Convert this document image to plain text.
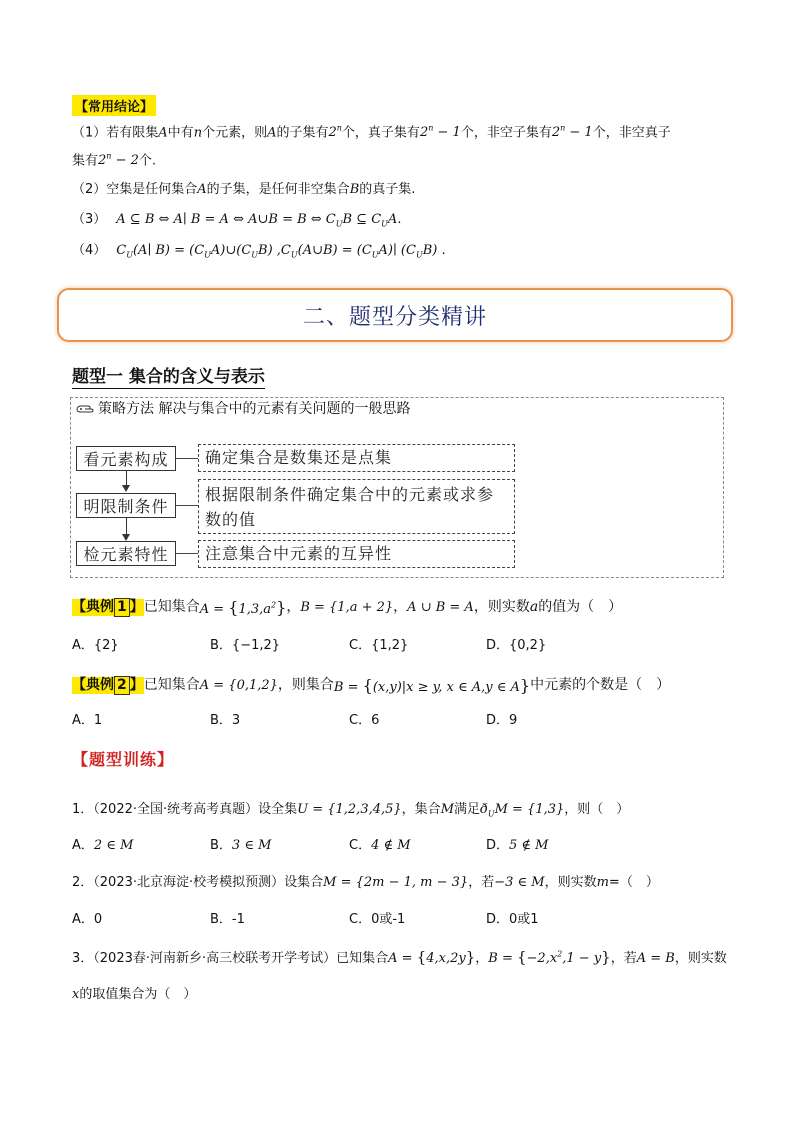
【常用结论】
（1）若有限集A中有n个元素，则A的子集有2$^n$个，真子集有$2^n - 1$个，非空子集有$2^n - 1$个，非空真子
集有$2^n - 2$个.
（2）空集是任何集合A的子集，是任何非空集合B的真子集.
（3） A ⊆ B ⇔ A∣ B = A ⇔ A∪B = B ⇔ $C_UB$ ⊆ $C_UA$.
（4） $C_U(A∣$ $B) = (C_UA)\cup(C_UB)$ $,C_U(A\cup B)$ = $(C_UA)∣$ $(C_UB)$ .
二、题型分类精讲
题型一 集合的含义与表示
策略方法 解决与集合中的元素有关问题的一般思路
看元素构成
明限制条件
检元素特性
确定集合是数集还是点集
根据限制条件确定集合中的元素或求参数的值
注意集合中元素的互异性
【典例 1 】 已知集合 $A = \{1,3,a^2\}$ ， B = {1,a + 2} ， A ∪ B = A ，则实数 a 的值为（　）
A．{2}	B．{−1,2}	C．{1,2}	D．{0,2}
【典例 2 】 已知集合 A = {0,1,2} ，则集合 B = {(x,y)|x ≥ y, x ∈ A,y ∈ A} 中元素的个数是（　）
A．1	B．3	C．6	D．9
【题型训练】
1．（2022·全国·统考高考真题）设全集U = {1,2,3,4,5}，集合M满足$ð_UM = \{1,3\}$，则（　）
A．2 ∈ M	B．3 ∈ M	C．4 ∉ M	D．5 ∉ M
2．（2023·北京海淀·校考模拟预测）设集合M = {2m − 1, m − 3}，若−3 ∈ M，则实数m=（　）
A．0	B．-1	C．0或-1	D．0或1
3．（2023春·河南新乡·高三校联考开学考试）已知集合A = {4,x,2y}，$B = \{-2,x^2,1 - y\}$，若A = B，则实数
x的取值集合为（　）
